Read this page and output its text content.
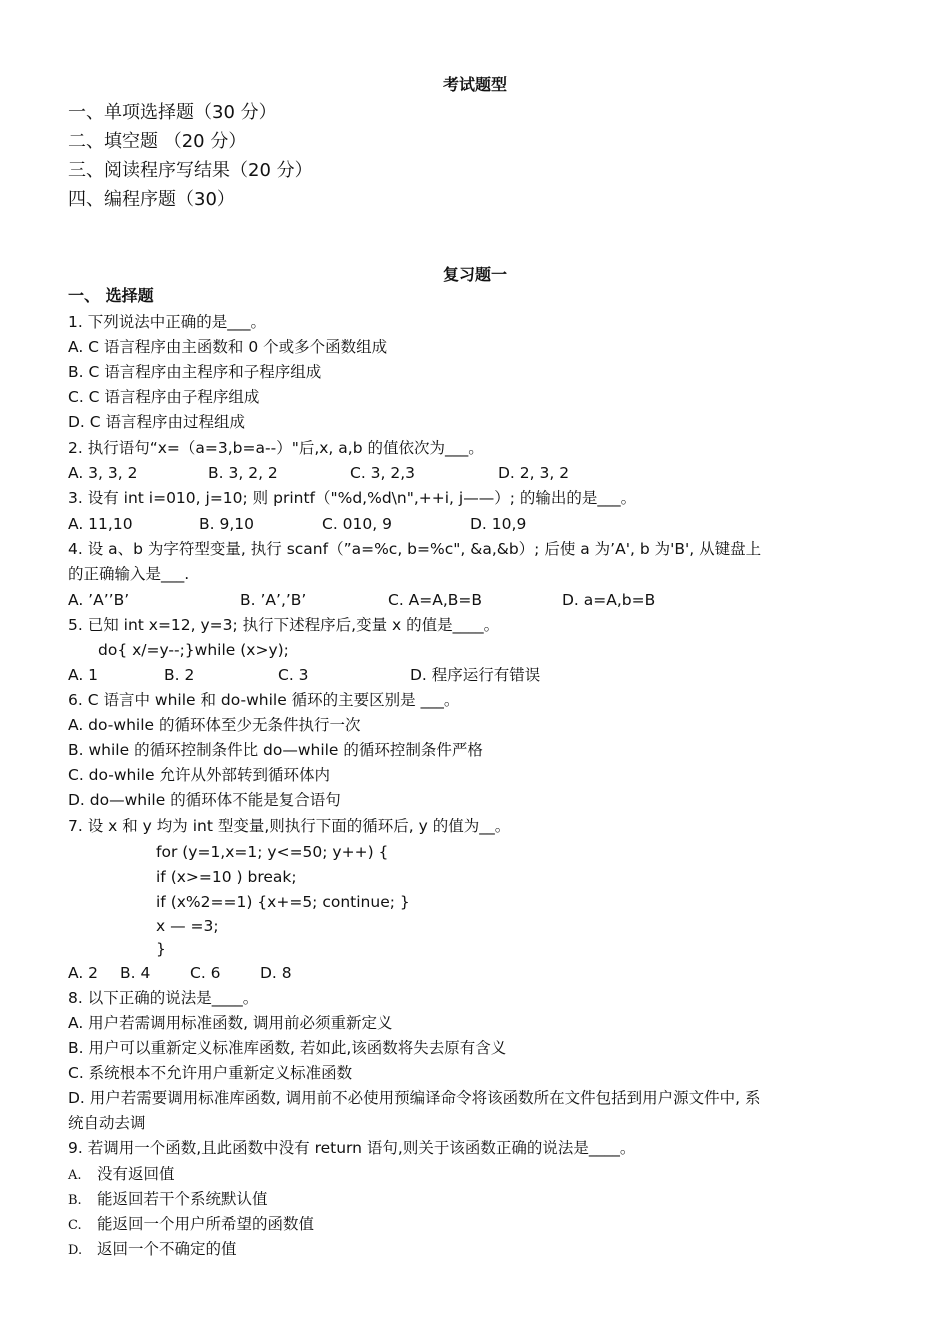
考试题型
一、单项选择题（30 分）
二、填空题 （20 分）
三、阅读程序写结果（20 分）
四、编程序题（30）
复习题一
一、 选择题
1. 下列说法中正确的是___。
A. C 语言程序由主函数和 0 个或多个函数组成
B. C 语言程序由主程序和子程序组成
C. C 语言程序由子程序组成
D. C 语言程序由过程组成
2. 执行语句“x=（a=3,b=a--）"后,x, a,b 的值依次为___。
A. 3, 3, 2	B. 3, 2, 2	C. 3, 2,3	D. 2, 3, 2
3. 设有 int i=010, j=10; 则 printf（"%d,%d\n",++i, j——）; 的输出的是___。
A. 11,10	B. 9,10	C. 010, 9	D. 10,9
4. 设 a、b 为字符型变量, 执行 scanf（”a=%c, b=%c", &a,&b）; 后使 a 为’A', b 为'B', 从键盘上
的正确输入是___.
A. ’A’’B’	B. ’A’,’B’	C. A=A,B=B	D. a=A,b=B
5. 已知 int x=12, y=3; 执行下述程序后,变量 x 的值是____。
do{ x/=y--;}while (x>y);
A. 1	B. 2	C. 3	D. 程序运行有错误
6. C 语言中 while 和 do-while 循环的主要区别是 ___。
A. do-while 的循环体至少无条件执行一次
B. while 的循环控制条件比 do—while 的循环控制条件严格
C. do-while 允许从外部转到循环体内
D. do—while 的循环体不能是复合语句
7. 设 x 和 y 均为 int 型变量,则执行下面的循环后, y 的值为__。
for (y=1,x=1; y<=50; y++) {
if (x>=10 ) break;
if (x%2==1) {x+=5; continue; }
x — =3;
}
A. 2 B. 4	C. 6	D. 8
8. 以下正确的说法是____。
A. 用户若需调用标准函数, 调用前必须重新定义
B. 用户可以重新定义标准库函数, 若如此,该函数将失去原有含义
C. 系统根本不允许用户重新定义标准函数
D. 用户若需要调用标准库函数, 调用前不必使用预编译命令将该函数所在文件包括到用户源文件中, 系
统自动去调
9. 若调用一个函数,且此函数中没有 return 语句,则关于该函数正确的说法是____。
A. 没有返回值
B. 能返回若干个系统默认值
C. 能返回一个用户所希望的函数值
D. 返回一个不确定的值
